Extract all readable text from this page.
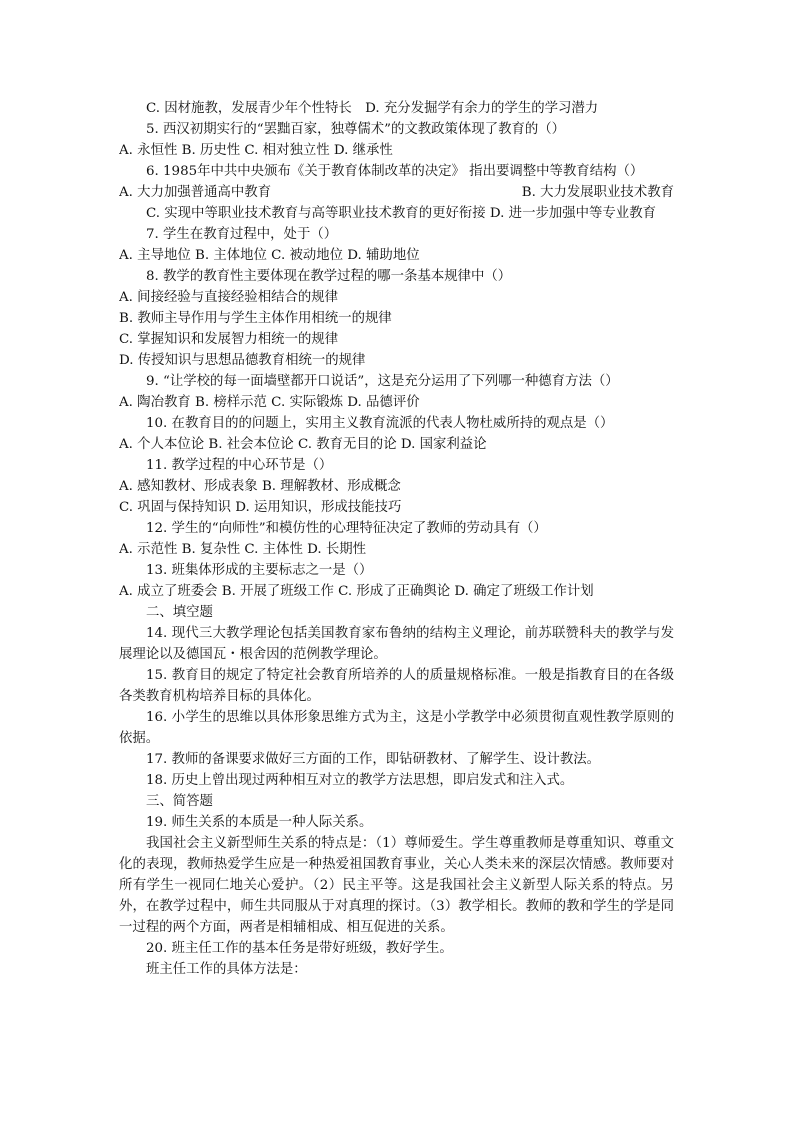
C. 因材施教，发展青少年个性特长　D. 充分发掘学有余力的学生的学习潜力
5. 西汉初期实行的“罢黜百家，独尊儒术”的文教政策体现了教育的（）
A. 永恒性 B. 历史性 C. 相对独立性 D. 继承性
6. 1985年中共中央颁布《关于教育体制改革的决定》 指出要调整中等教育结构（）
A. 大力加强普通高中教育	B. 大力发展职业技术教育
C. 实现中等职业技术教育与高等职业技术教育的更好衔接 D. 进一步加强中等专业教育
7. 学生在教育过程中，处于（）
A. 主导地位 B. 主体地位 C. 被动地位 D. 辅助地位
8. 教学的教育性主要体现在教学过程的哪一条基本规律中（）
A. 间接经验与直接经验相结合的规律
B. 教师主导作用与学生主体作用相统一的规律
C. 掌握知识和发展智力相统一的规律
D. 传授知识与思想品德教育相统一的规律
9. “让学校的每一面墙壁都开口说话”，这是充分运用了下列哪一种德育方法（）
A. 陶冶教育 B. 榜样示范 C. 实际锻炼 D. 品德评价
10. 在教育目的的问题上，实用主义教育流派的代表人物杜威所持的观点是（）
A. 个人本位论 B. 社会本位论 C. 教育无目的论 D. 国家利益论
11. 教学过程的中心环节是（）
A. 感知教材、形成表象 B. 理解教材、形成概念
C. 巩固与保持知识 D. 运用知识，形成技能技巧
12. 学生的“向师性”和模仿性的心理特征决定了教师的劳动具有（）
A. 示范性 B. 复杂性 C. 主体性 D. 长期性
13. 班集体形成的主要标志之一是（）
A. 成立了班委会 B. 开展了班级工作 C. 形成了正确舆论 D. 确定了班级工作计划
二、填空题
14. 现代三大教学理论包括美国教育家布鲁纳的结构主义理论，前苏联赞科夫的教学与发展理论以及德国瓦・根舍因的范例教学理论。
15. 教育目的规定了特定社会教育所培养的人的质量规格标准。一般是指教育目的在各级各类教育机构培养目标的具体化。
16. 小学生的思维以具体形象思维方式为主，这是小学教学中必须贯彻直观性教学原则的依据。
17. 教师的备课要求做好三方面的工作，即钻研教材、了解学生、设计教法。
18. 历史上曾出现过两种相互对立的教学方法思想，即启发式和注入式。
三、简答题
19. 师生关系的本质是一种人际关系。
我国社会主义新型师生关系的特点是：（1）尊师爱生。学生尊重教师是尊重知识、尊重文化的表现，教师热爱学生应是一种热爱祖国教育事业，关心人类未来的深层次情感。教师要对所有学生一视同仁地关心爱护。（2）民主平等。这是我国社会主义新型人际关系的特点。另外，在教学过程中，师生共同服从于对真理的探讨。（3）教学相长。教师的教和学生的学是同一过程的两个方面，两者是相辅相成、相互促进的关系。
20. 班主任工作的基本任务是带好班级，教好学生。
班主任工作的具体方法是：
